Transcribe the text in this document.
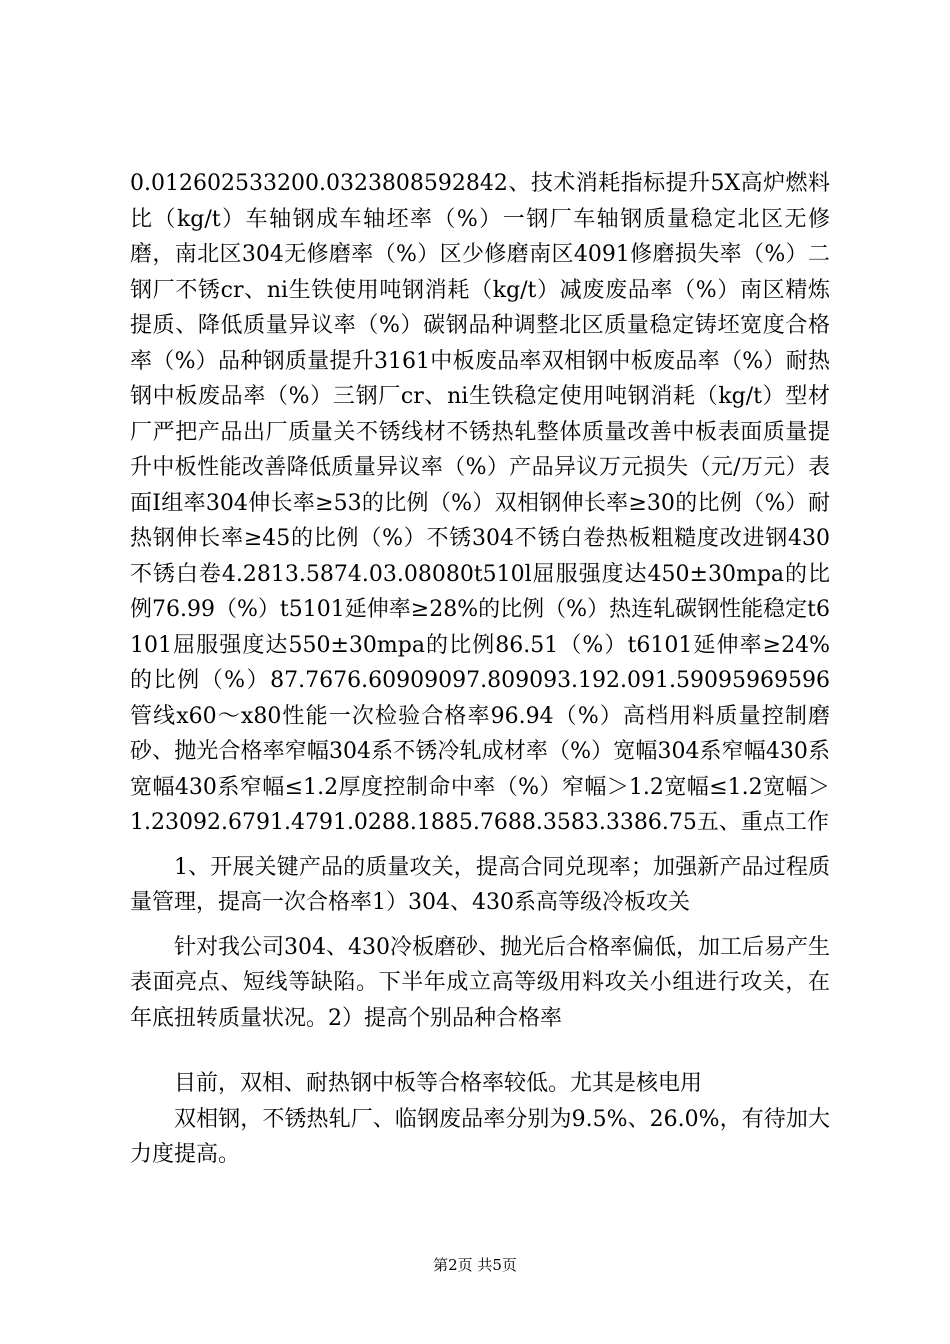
0.012602533200.0323808592842、技术消耗指标提升5X高炉燃料比（kg/t）车轴钢成车轴坯率（%）一钢厂车轴钢质量稳定北区无修磨，南北区304无修磨率（%）区少修磨南区4091修磨损失率（%）二钢厂不锈cr、ni生铁使用吨钢消耗（kg/t）减废废品率（%）南区精炼提质、降低质量异议率（%）碳钢品种调整北区质量稳定铸坯宽度合格率（%）品种钢质量提升3161中板废品率双相钢中板废品率（%）耐热钢中板废品率（%）三钢厂cr、ni生铁稳定使用吨钢消耗（kg/t）型材厂严把产品出厂质量关不锈线材不锈热轧整体质量改善中板表面质量提升中板性能改善降低质量异议率（%）产品异议万元损失（元/万元）表面Ⅰ组率304伸长率≥53的比例（%）双相钢伸长率≥30的比例（%）耐热钢伸长率≥45的比例（%）不锈304不锈白卷热板粗糙度改进钢430不锈白卷4.2813.5874.03.08080t510l屈服强度达450±30mpa的比例76.99（%）t5101延伸率≥28%的比例（%）热连轧碳钢性能稳定t6101屈服强度达550±30mpa的比例86.51（%）t6101延伸率≥24%的比例（%）87.7676.60909097.809093.192.091.59095969596管线x60～x80性能一次检验合格率96.94（%）高档用料质量控制磨砂、抛光合格率窄幅304系不锈冷轧成材率（%）宽幅304系窄幅430系宽幅430系窄幅≤1.2厚度控制命中率（%）窄幅＞1.2宽幅≤1.2宽幅＞1.23092.6791.4791.0288.1885.7688.3583.3386.75五、重点工作

1、开展关键产品的质量攻关，提高合同兑现率；加强新产品过程质量管理，提高一次合格率1）304、430系高等级冷板攻关

针对我公司304、430冷板磨砂、抛光后合格率偏低，加工后易产生表面亮点、短线等缺陷。下半年成立高等级用料攻关小组进行攻关，在年底扭转质量状况。2）提高个别品种合格率

目前，双相、耐热钢中板等合格率较低。尤其是核电用

双相钢，不锈热轧厂、临钢废品率分别为9.5%、26.0%，有待加大力度提高。

第2页 共5页
